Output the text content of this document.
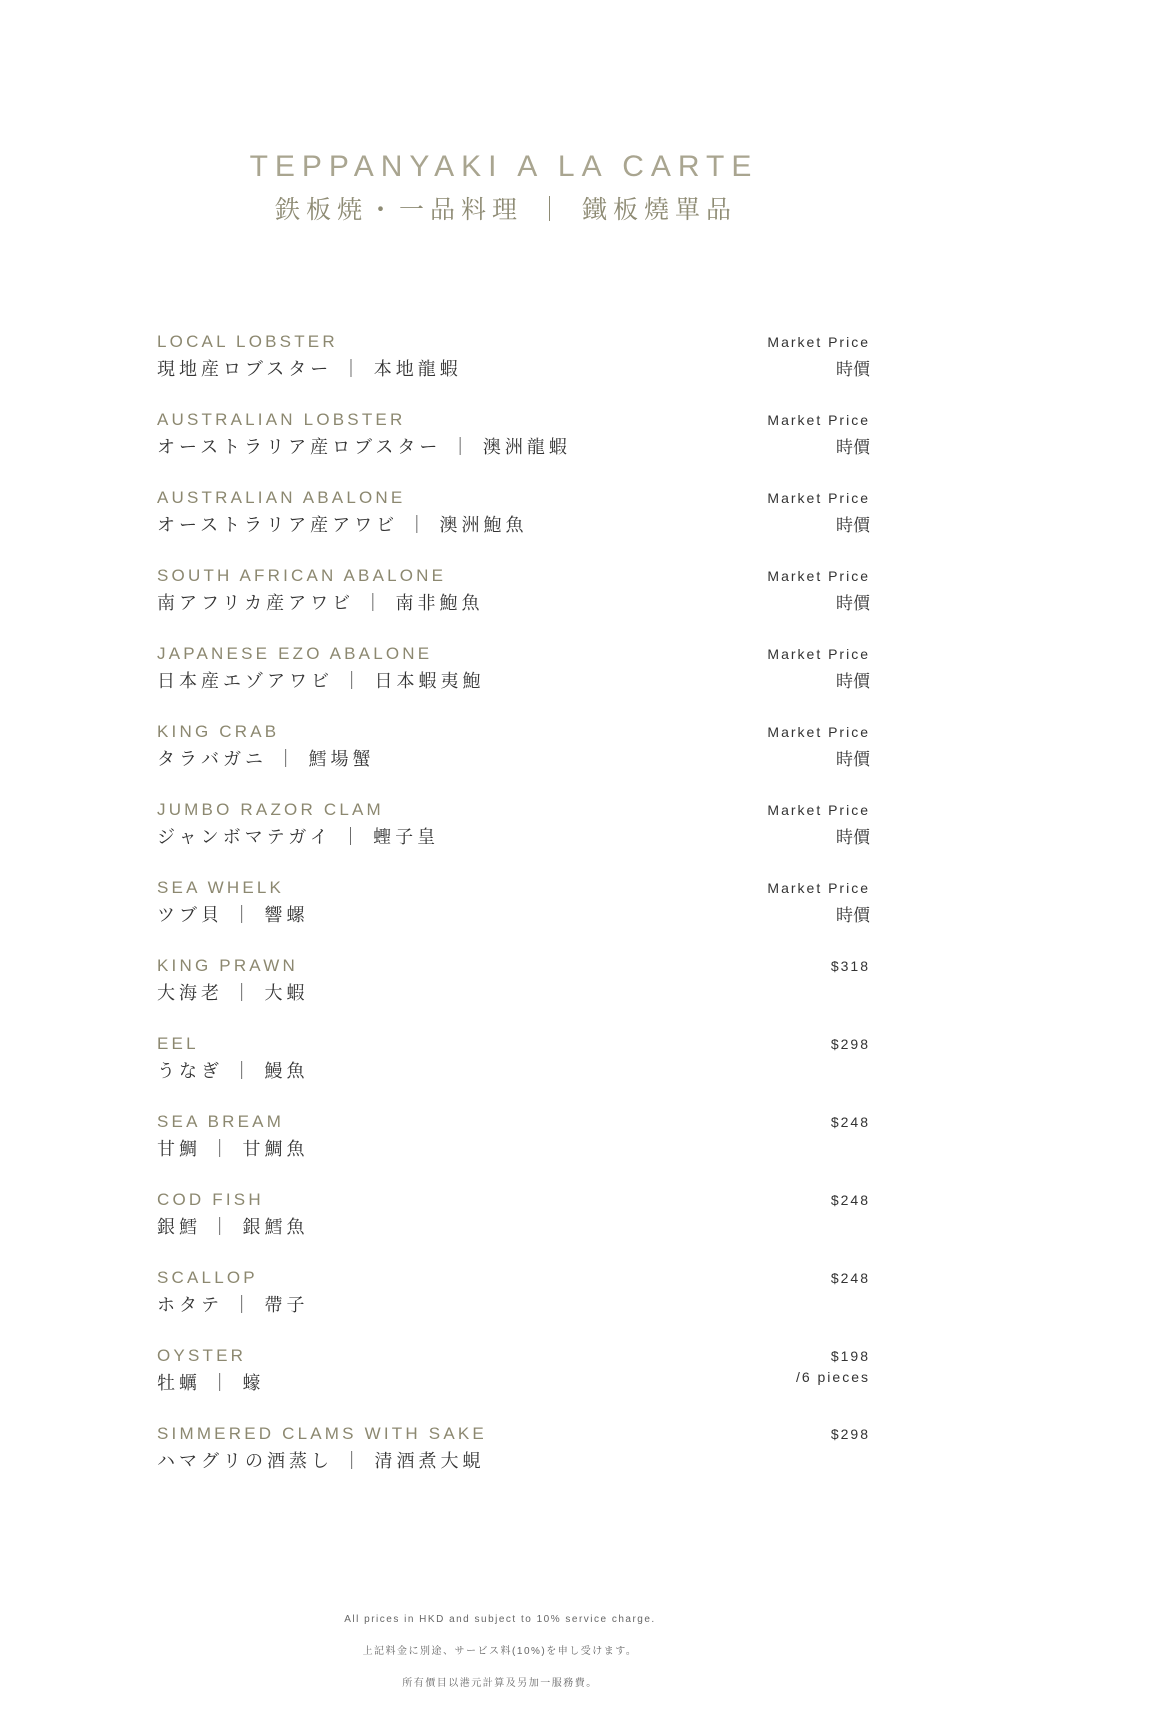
TEPPANYAKI A LA CARTE
鉄板焼・一品料理 ｜ 鐵板燒單品
LOCAL LOBSTER
現地産ロブスター ｜ 本地龍蝦
Market Price
時價
AUSTRALIAN LOBSTER
オーストラリア産ロブスター ｜ 澳洲龍蝦
Market Price
時價
AUSTRALIAN ABALONE
オーストラリア産アワビ ｜ 澳洲鮑魚
Market Price
時價
SOUTH AFRICAN ABALONE
南アフリカ産アワビ ｜ 南非鮑魚
Market Price
時價
JAPANESE EZO ABALONE
日本産エゾアワビ ｜ 日本蝦夷鮑
Market Price
時價
KING CRAB
タラバガニ ｜ 鱈場蟹
Market Price
時價
JUMBO RAZOR CLAM
ジャンボマテガイ ｜ 蟶子皇
Market Price
時價
SEA WHELK
ツブ貝 ｜ 響螺
Market Price
時價
KING PRAWN
大海老 ｜ 大蝦
$318
EEL
うなぎ ｜ 鰻魚
$298
SEA BREAM
甘鯛 ｜ 甘鯛魚
$248
COD FISH
銀鱈 ｜ 銀鱈魚
$248
SCALLOP
ホタテ ｜ 帶子
$248
OYSTER
牡蠣 ｜ 蠔
$198
/6 pieces
SIMMERED CLAMS WITH SAKE
ハマグリの酒蒸し ｜ 清酒煮大蜆
$298
All prices in HKD and subject to 10% service charge.
上記料金に別途、サービス料(10%)を申し受けます。
所有價目以港元計算及另加一服務費。
